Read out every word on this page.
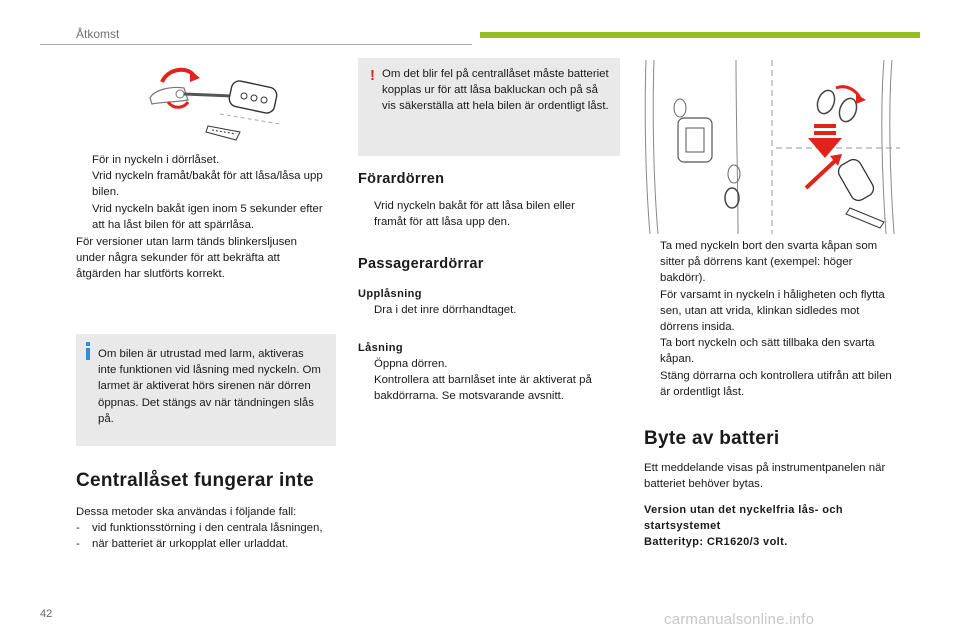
Åtkomst
För in nyckeln i dörrlåset.
Vrid nyckeln framåt/bakåt för att låsa/låsa upp bilen.
Vrid nyckeln bakåt igen inom 5 sekunder efter att ha låst bilen för att spärrlåsa.

För versioner utan larm tänds blinkersljusen under några sekunder för att bekräfta att åtgärden har slutförts korrekt.

Om bilen är utrustad med larm, aktiveras inte funktionen vid låsning med nyckeln. Om larmet är aktiverat hörs sirenen när dörren öppnas. Det stängs av när tändningen slås på.

Centrallåset fungerar inte

Dessa metoder ska användas i följande fall:

- vid funktionsstörning i den centrala låsningen,
- när batteriet är urkopplat eller urladdat.
! Om det blir fel på centrallåset måste batteriet kopplas ur för att låsa bakluckan och på så vis säkerställa att hela bilen är ordentligt låst.

Förardörren
Vrid nyckeln bakåt för att låsa bilen eller framåt för att låsa upp den.
Passagerardörrar
Upplåsning
Dra i det inre dörrhandtaget.
Låsning
Öppna dörren.
Kontrollera att barnlåset inte är aktiverat på bakdörrarna. Se motsvarande avsnitt.
Ta med nyckeln bort den svarta kåpan som sitter på dörrens kant (exempel: höger bakdörr).
För varsamt in nyckeln i håligheten och flytta sen, utan att vrida, klinkan sidledes mot dörrens insida.
Ta bort nyckeln och sätt tillbaka den svarta kåpan.
Stäng dörrarna och kontrollera utifrån att bilen är ordentligt låst.
Byte av batteri

Ett meddelande visas på instrumentpanelen när batteriet behöver bytas.

Version utan det nyckelfria lås- och startsystemet
Batterityp: CR1620/3 volt.
42	carmanualsonline.info
